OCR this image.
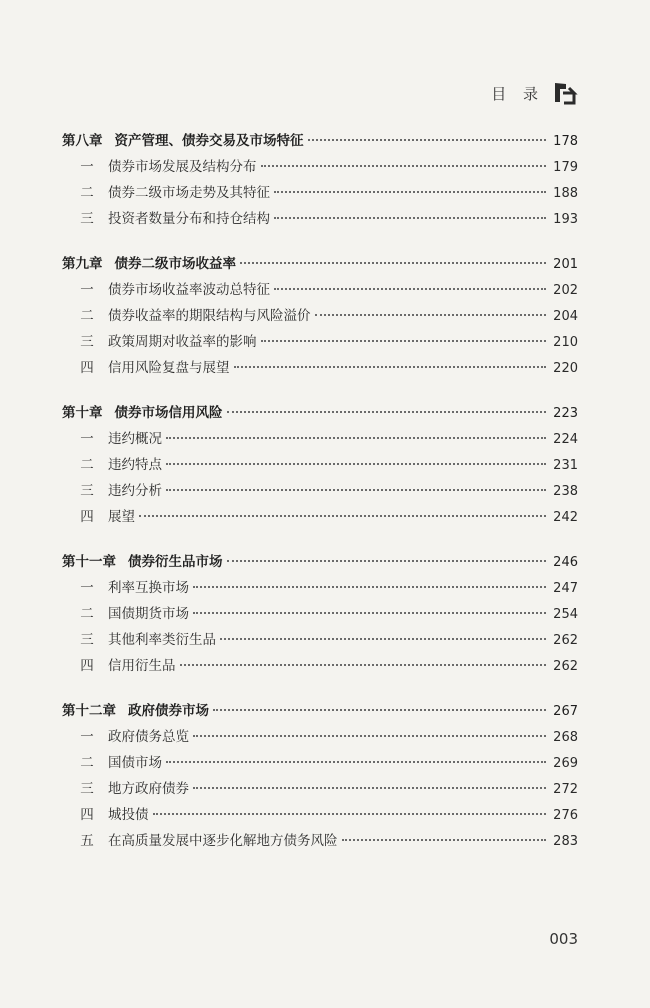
目 录
第八章 资产管理、债券交易及市场特征	178
一 债券市场发展及结构分布	179
二 债券二级市场走势及其特征	188
三 投资者数量分布和持仓结构	193
第九章 债券二级市场收益率	201
一 债券市场收益率波动总特征	202
二 债券收益率的期限结构与风险溢价	204
三 政策周期对收益率的影响	210
四 信用风险复盘与展望	220
第十章 债券市场信用风险	223
一 违约概况	224
二 违约特点	231
三 违约分析	238
四 展望	242
第十一章 债券衍生品市场	246
一 利率互换市场	247
二 国债期货市场	254
三 其他利率类衍生品	262
四 信用衍生品	262
第十二章 政府债券市场	267
一 政府债务总览	268
二 国债市场	269
三 地方政府债券	272
四 城投债	276
五 在高质量发展中逐步化解地方债务风险	283
003
